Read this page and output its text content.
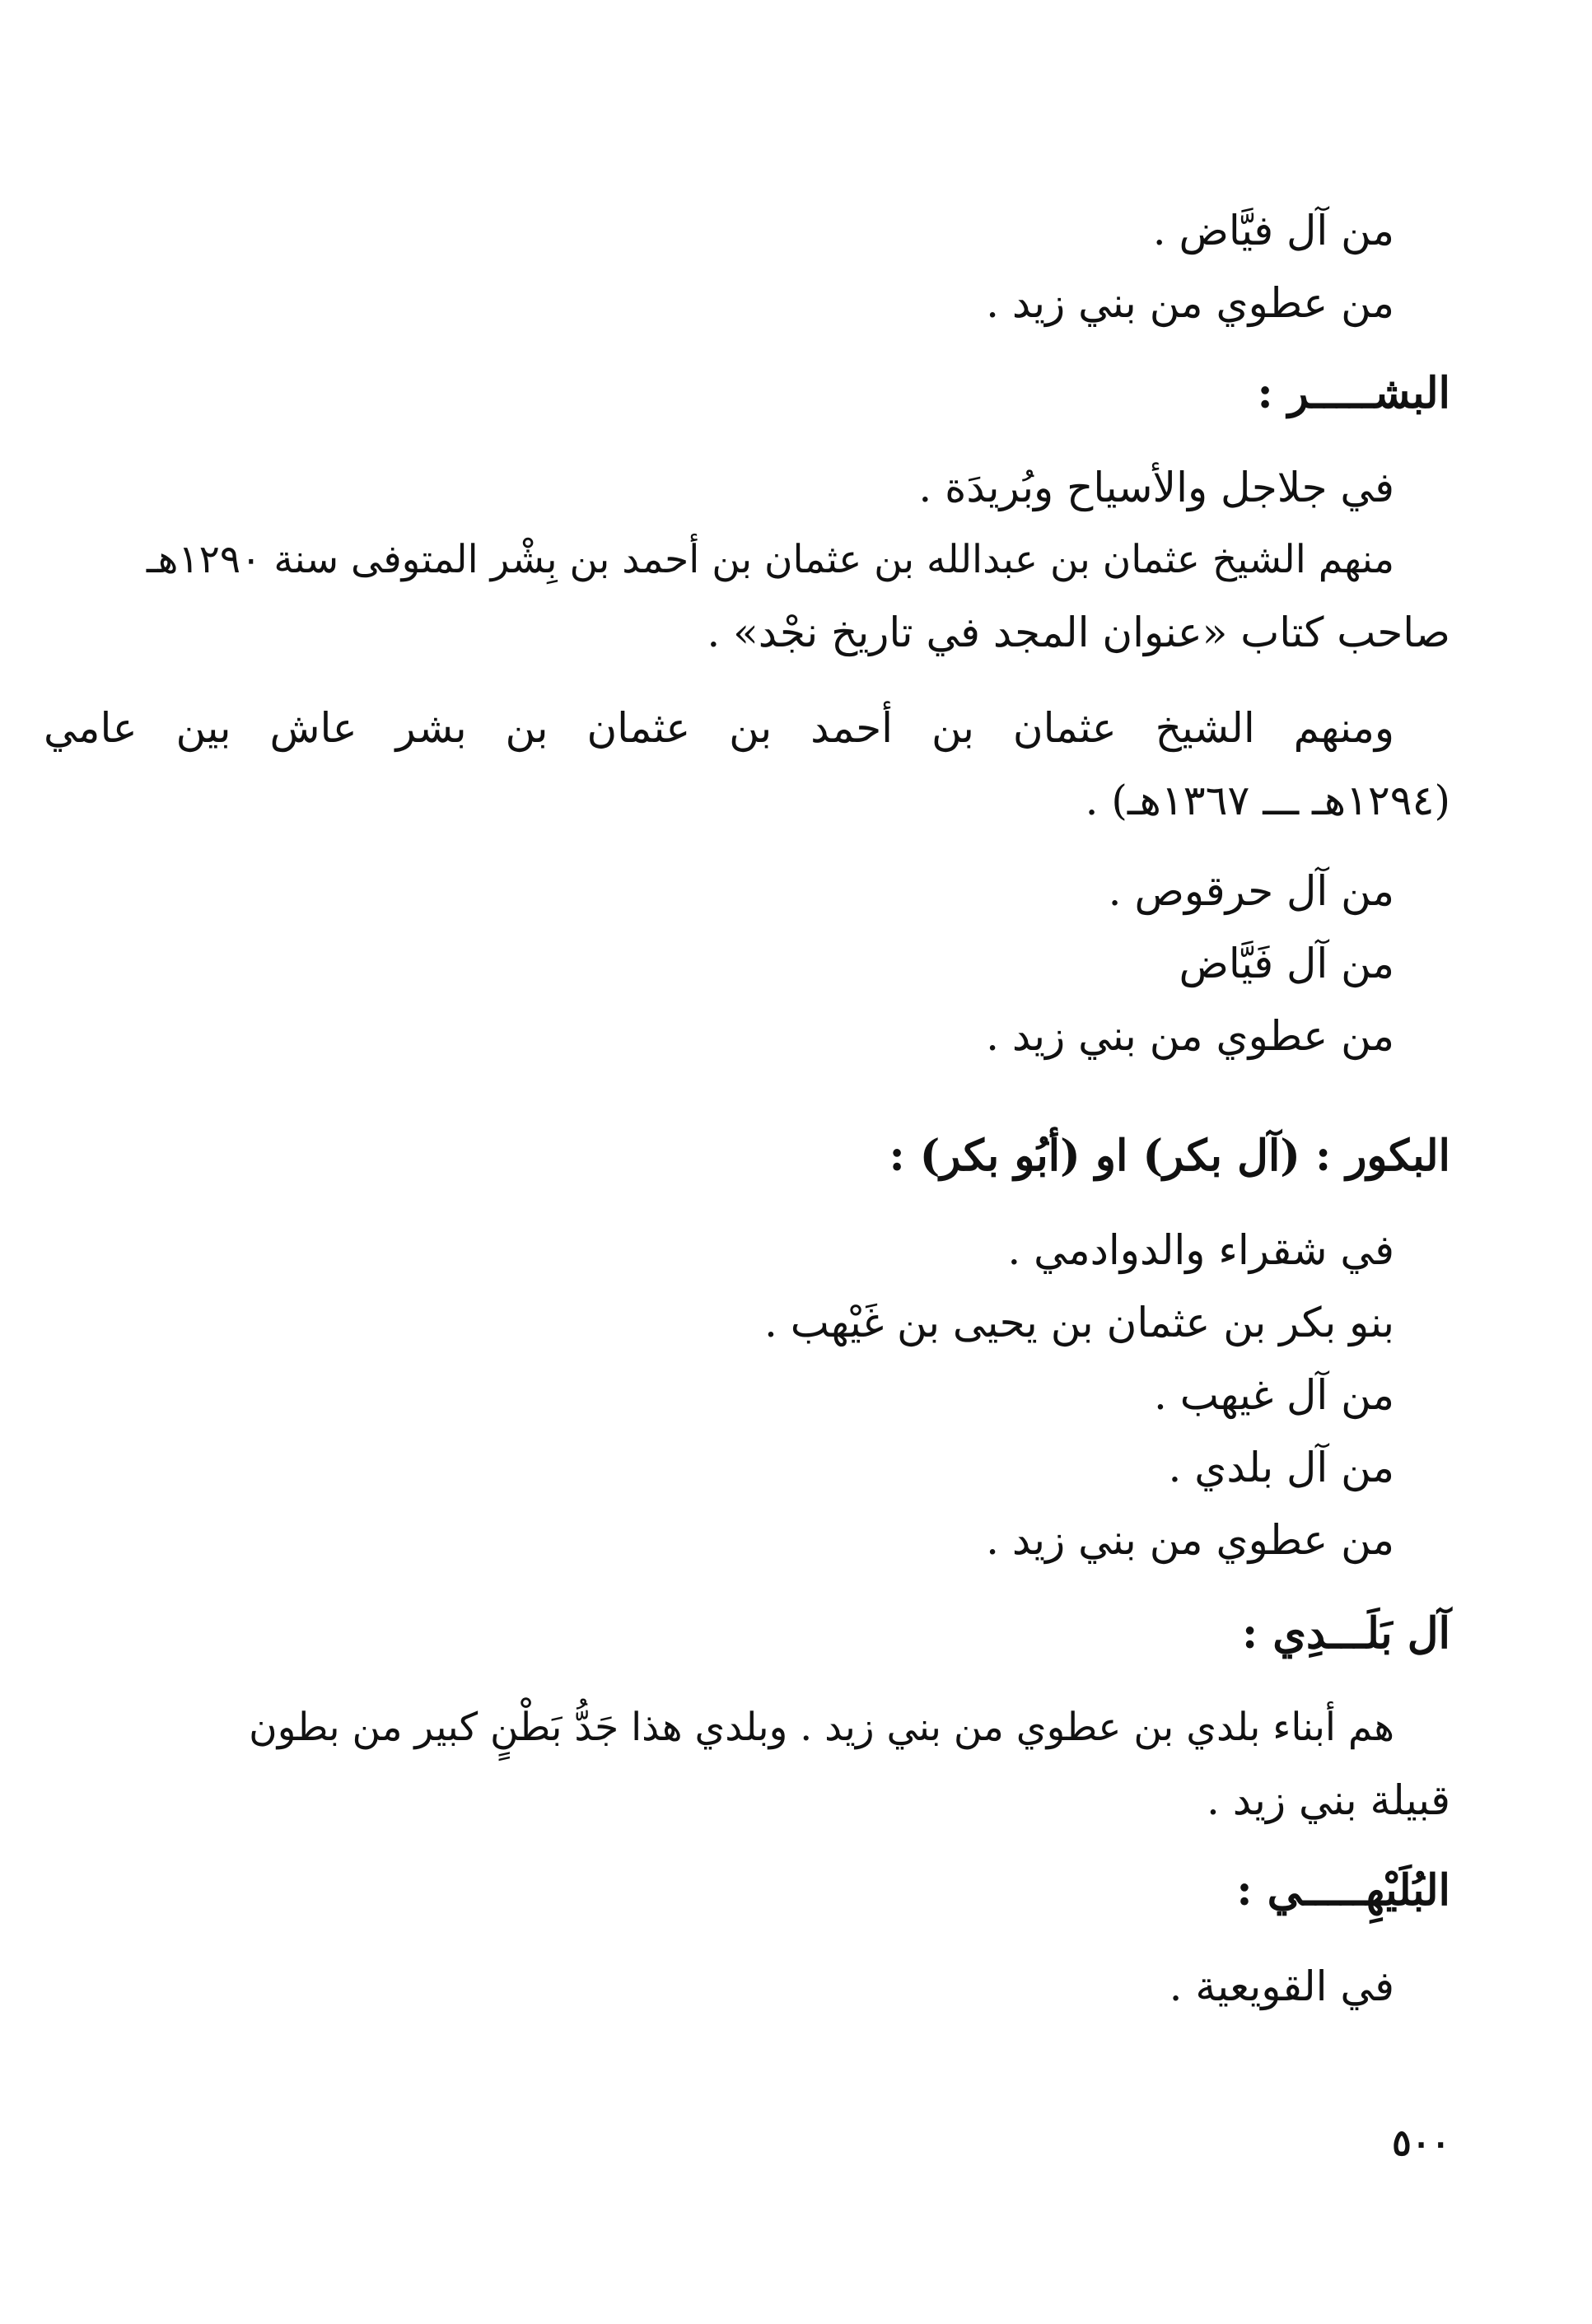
من آل فيَّاض .
من عطوي من بني زيد .
البشـــــر :
في جلاجل والأسياح وبُريدَة .
منهم الشيخ عثمان بن عبدالله بن عثمان بن أحمد بن بِشْر المتوفى سنة ١٢٩٠هـ
صاحب كتاب «عنوان المجد في تاريخ نجْد» .
ومنهم الشيخ عثمان بن أحمد بن عثمان بن بشر عاش بين عامي
(١٢٩٤هـ ـــ ١٣٦٧هـ) .
من آل حرقوص .
من آل فَيَّاض
من عطوي من بني زيد .
البكور : (آل بكر) او (أبُو بكر) :
في شقراء والدوادمي .
بنو بكر بن عثمان بن يحيى بن غَيْهب .
من آل غيهب .
من آل بلدي .
من عطوي من بني زيد .
آل بَلَـــدِي :
هم أبناء بلدي بن عطوي من بني زيد . وبلدي هذا جَدُّ بَطْنٍ كبير من بطون
قبيلة بني زيد .
البُلَيْهِـــــي :
في القويعية .
٥٠٠
